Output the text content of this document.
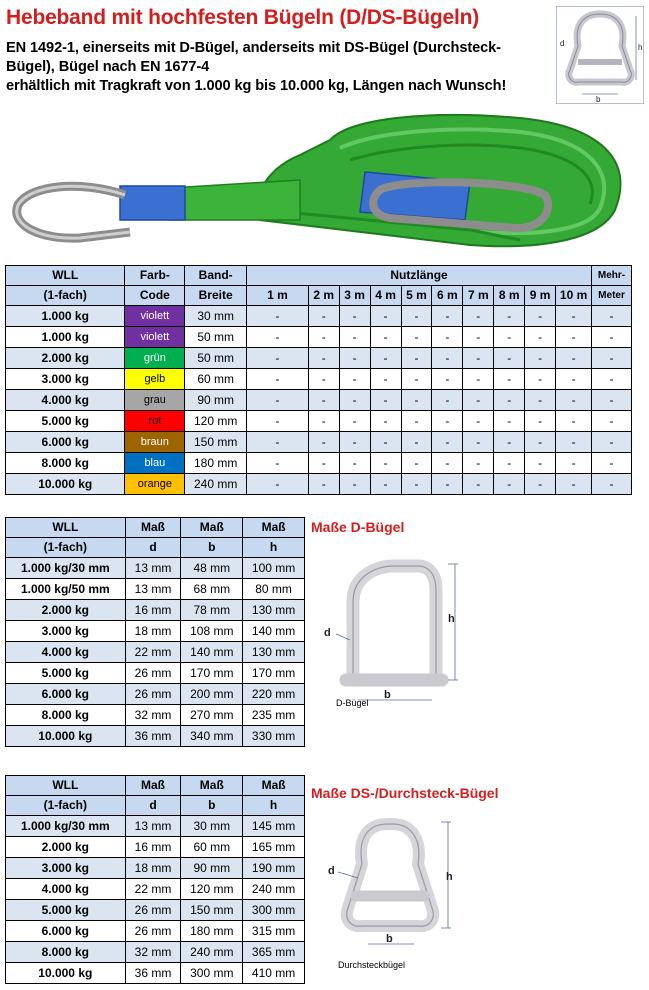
Hebeband mit hochfesten Bügeln (D/DS-Bügeln)
EN 1492-1, einerseits mit D-Bügel, anderseits mit DS-Bügel (Durchsteck-
Bügel), Bügel nach EN 1677-4
erhältlich mit Tragkraft von 1.000 kg bis 10.000 kg, Längen nach Wunsch!
h
b
d
WLL	Farb-	Band-	Nutzlänge										Mehr-
(1-fach)	Code	Breite	1 m	2 m	3 m	4 m	5 m	6 m	7 m	8 m	9 m	10 m	Meter
1.000 kg	violett	30 mm	-	-	-	-	-	-	-	-	-	-	-
1.000 kg	violett	50 mm	-	-	-	-	-	-	-	-	-	-	-
2.000 kg	grün	50 mm	-	-	-	-	-	-	-	-	-	-	-
3.000 kg	gelb	60 mm	-	-	-	-	-	-	-	-	-	-	-
4.000 kg	grau	90 mm	-	-	-	-	-	-	-	-	-	-	-
5.000 kg	rot	120 mm	-	-	-	-	-	-	-	-	-	-	-
6.000 kg	braun	150 mm	-	-	-	-	-	-	-	-	-	-	-
8.000 kg	blau	180 mm	-	-	-	-	-	-	-	-	-	-	-
10.000 kg	orange	240 mm	-	-	-	-	-	-	-	-	-	-	-
WLL	Maß	Maß	Maß
(1-fach)	d	b	h
1.000 kg/30 mm	13 mm	48 mm	100 mm
1.000 kg/50 mm	13 mm	68 mm	80 mm
2.000 kg	16 mm	78 mm	130 mm
3.000 kg	18 mm	108 mm	140 mm
4.000 kg	22 mm	140 mm	130 mm
5.000 kg	26 mm	170 mm	170 mm
6.000 kg	26 mm	200 mm	220 mm
8.000 kg	32 mm	270 mm	235 mm
10.000 kg	36 mm	340 mm	330 mm
Maße D-Bügel
h
b
d
D-Bügel
WLL	Maß	Maß	Maß
(1-fach)	d	b	h
1.000 kg/30 mm	13 mm	30 mm	145 mm
2.000 kg	16 mm	60 mm	165 mm
3.000 kg	18 mm	90 mm	190 mm
4.000 kg	22 mm	120 mm	240 mm
5.000 kg	26 mm	150 mm	300 mm
6.000 kg	26 mm	180 mm	315 mm
8.000 kg	32 mm	240 mm	365 mm
10.000 kg	36 mm	300 mm	410 mm
Maße DS-/Durchsteck-Bügel
h
b
d
Durchsteckbügel
